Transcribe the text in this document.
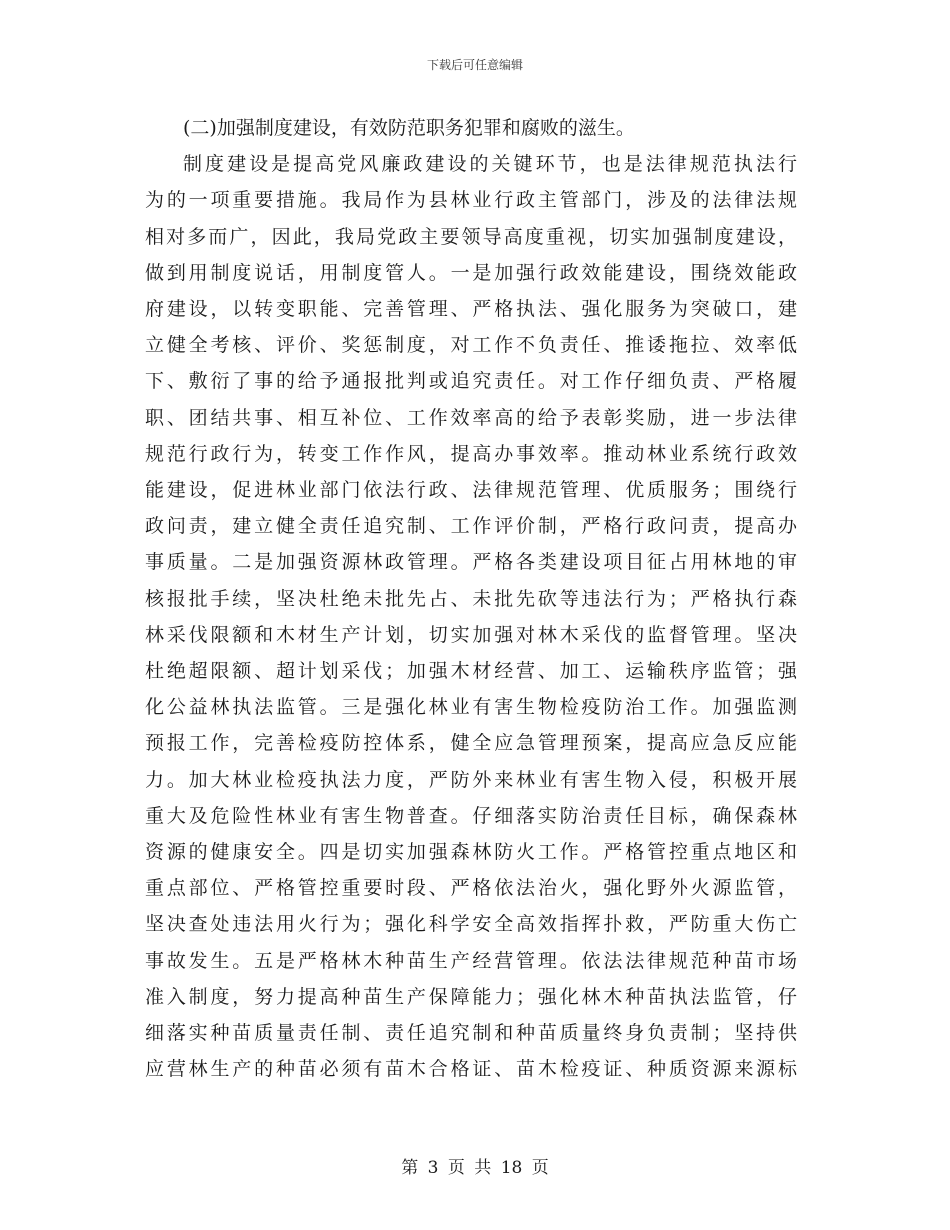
下载后可任意编辑

(二)加强制度建设，有效防范职务犯罪和腐败的滋生。

制度建设是提高党风廉政建设的关键环节，也是法律规范执法行

为的一项重要措施。我局作为县林业行政主管部门，涉及的法律法规

相对多而广，因此，我局党政主要领导高度重视，切实加强制度建设，

做到用制度说话，用制度管人。一是加强行政效能建设，围绕效能政

府建设，以转变职能、完善管理、严格执法、强化服务为突破口，建

立健全考核、评价、奖惩制度，对工作不负责任、推诿拖拉、效率低

下、敷衍了事的给予通报批判或追究责任。对工作仔细负责、严格履

职、团结共事、相互补位、工作效率高的给予表彰奖励，进一步法律

规范行政行为，转变工作作风，提高办事效率。推动林业系统行政效

能建设，促进林业部门依法行政、法律规范管理、优质服务；围绕行

政问责，建立健全责任追究制、工作评价制，严格行政问责，提高办

事质量。二是加强资源林政管理。严格各类建设项目征占用林地的审

核报批手续，坚决杜绝未批先占、未批先砍等违法行为；严格执行森

林采伐限额和木材生产计划，切实加强对林木采伐的监督管理。坚决

杜绝超限额、超计划采伐；加强木材经营、加工、运输秩序监管；强

化公益林执法监管。三是强化林业有害生物检疫防治工作。加强监测

预报工作，完善检疫防控体系，健全应急管理预案，提高应急反应能

力。加大林业检疫执法力度，严防外来林业有害生物入侵，积极开展

重大及危险性林业有害生物普查。仔细落实防治责任目标，确保森林

资源的健康安全。四是切实加强森林防火工作。严格管控重点地区和

重点部位、严格管控重要时段、严格依法治火，强化野外火源监管，

坚决查处违法用火行为；强化科学安全高效指挥扑救，严防重大伤亡

事故发生。五是严格林木种苗生产经营管理。依法法律规范种苗市场

准入制度，努力提高种苗生产保障能力；强化林木种苗执法监管，仔

细落实种苗质量责任制、责任追究制和种苗质量终身负责制；坚持供

应营林生产的种苗必须有苗木合格证、苗木检疫证、种质资源来源标

第 3 页 共 18 页
